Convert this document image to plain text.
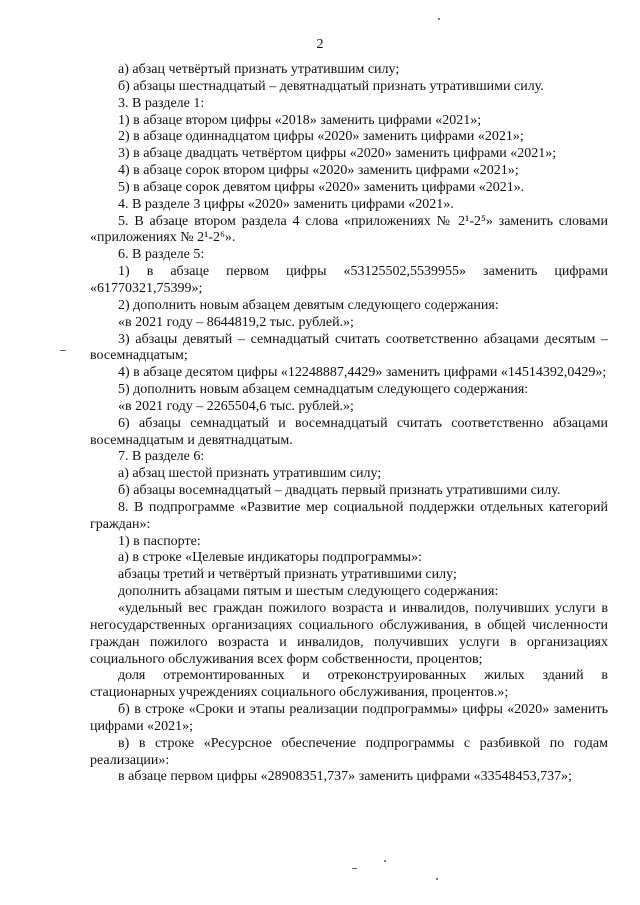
2

а) абзац четвёртый признать утратившим силу;

б) абзацы шестнадцатый – девятнадцатый признать утратившими силу.

3. В разделе 1:

1) в абзаце втором цифры «2018» заменить цифрами «2021»;

2) в абзаце одиннадцатом цифры «2020» заменить цифрами «2021»;

3) в абзаце двадцать четвёртом цифры «2020» заменить цифрами «2021»;

4) в абзаце сорок втором цифры «2020» заменить цифрами «2021»;

5) в абзаце сорок девятом цифры «2020» заменить цифрами «2021».

4. В разделе 3 цифры «2020» заменить цифрами «2021».

5. В абзаце втором раздела 4 слова «приложениях № 2¹-2⁵» заменить словами «приложениях № 2¹-2⁶».

6. В разделе 5:

1) в абзаце первом цифры «53125502,5539955» заменить цифрами «61770321,75399»;

2) дополнить новым абзацем девятым следующего содержания:

«в 2021 году – 8644819,2 тыс. рублей.»;

3) абзацы девятый – семнадцатый считать соответственно абзацами десятым – восемнадцатым;

4) в абзаце десятом цифры «12248887,4429» заменить цифрами «14514392,0429»;

5) дополнить новым абзацем семнадцатым следующего содержания:

«в 2021 году – 2265504,6 тыс. рублей.»;

6) абзацы семнадцатый и восемнадцатый считать соответственно абзацами восемнадцатым и девятнадцатым.

7. В разделе 6:

а) абзац шестой признать утратившим силу;

б) абзацы восемнадцатый – двадцать первый признать утратившими силу.

8. В подпрограмме «Развитие мер социальной поддержки отдельных категорий граждан»:

1) в паспорте:

а) в строке «Целевые индикаторы подпрограммы»:

абзацы третий и четвёртый признать утратившими силу;

дополнить абзацами пятым и шестым следующего содержания:

«удельный вес граждан пожилого возраста и инвалидов, получивших услуги в негосударственных организациях социального обслуживания, в общей численности граждан пожилого возраста и инвалидов, получивших услуги в организациях социального обслуживания всех форм собственности, процентов;

доля отремонтированных и отреконструированных жилых зданий в стационарных учреждениях социального обслуживания, процентов.»;

б) в строке «Сроки и этапы реализации подпрограммы» цифры «2020» заменить цифрами «2021»;

в) в строке «Ресурсное обеспечение подпрограммы с разбивкой по годам реализации»:

в абзаце первом цифры «28908351,737» заменить цифрами «33548453,737»;
